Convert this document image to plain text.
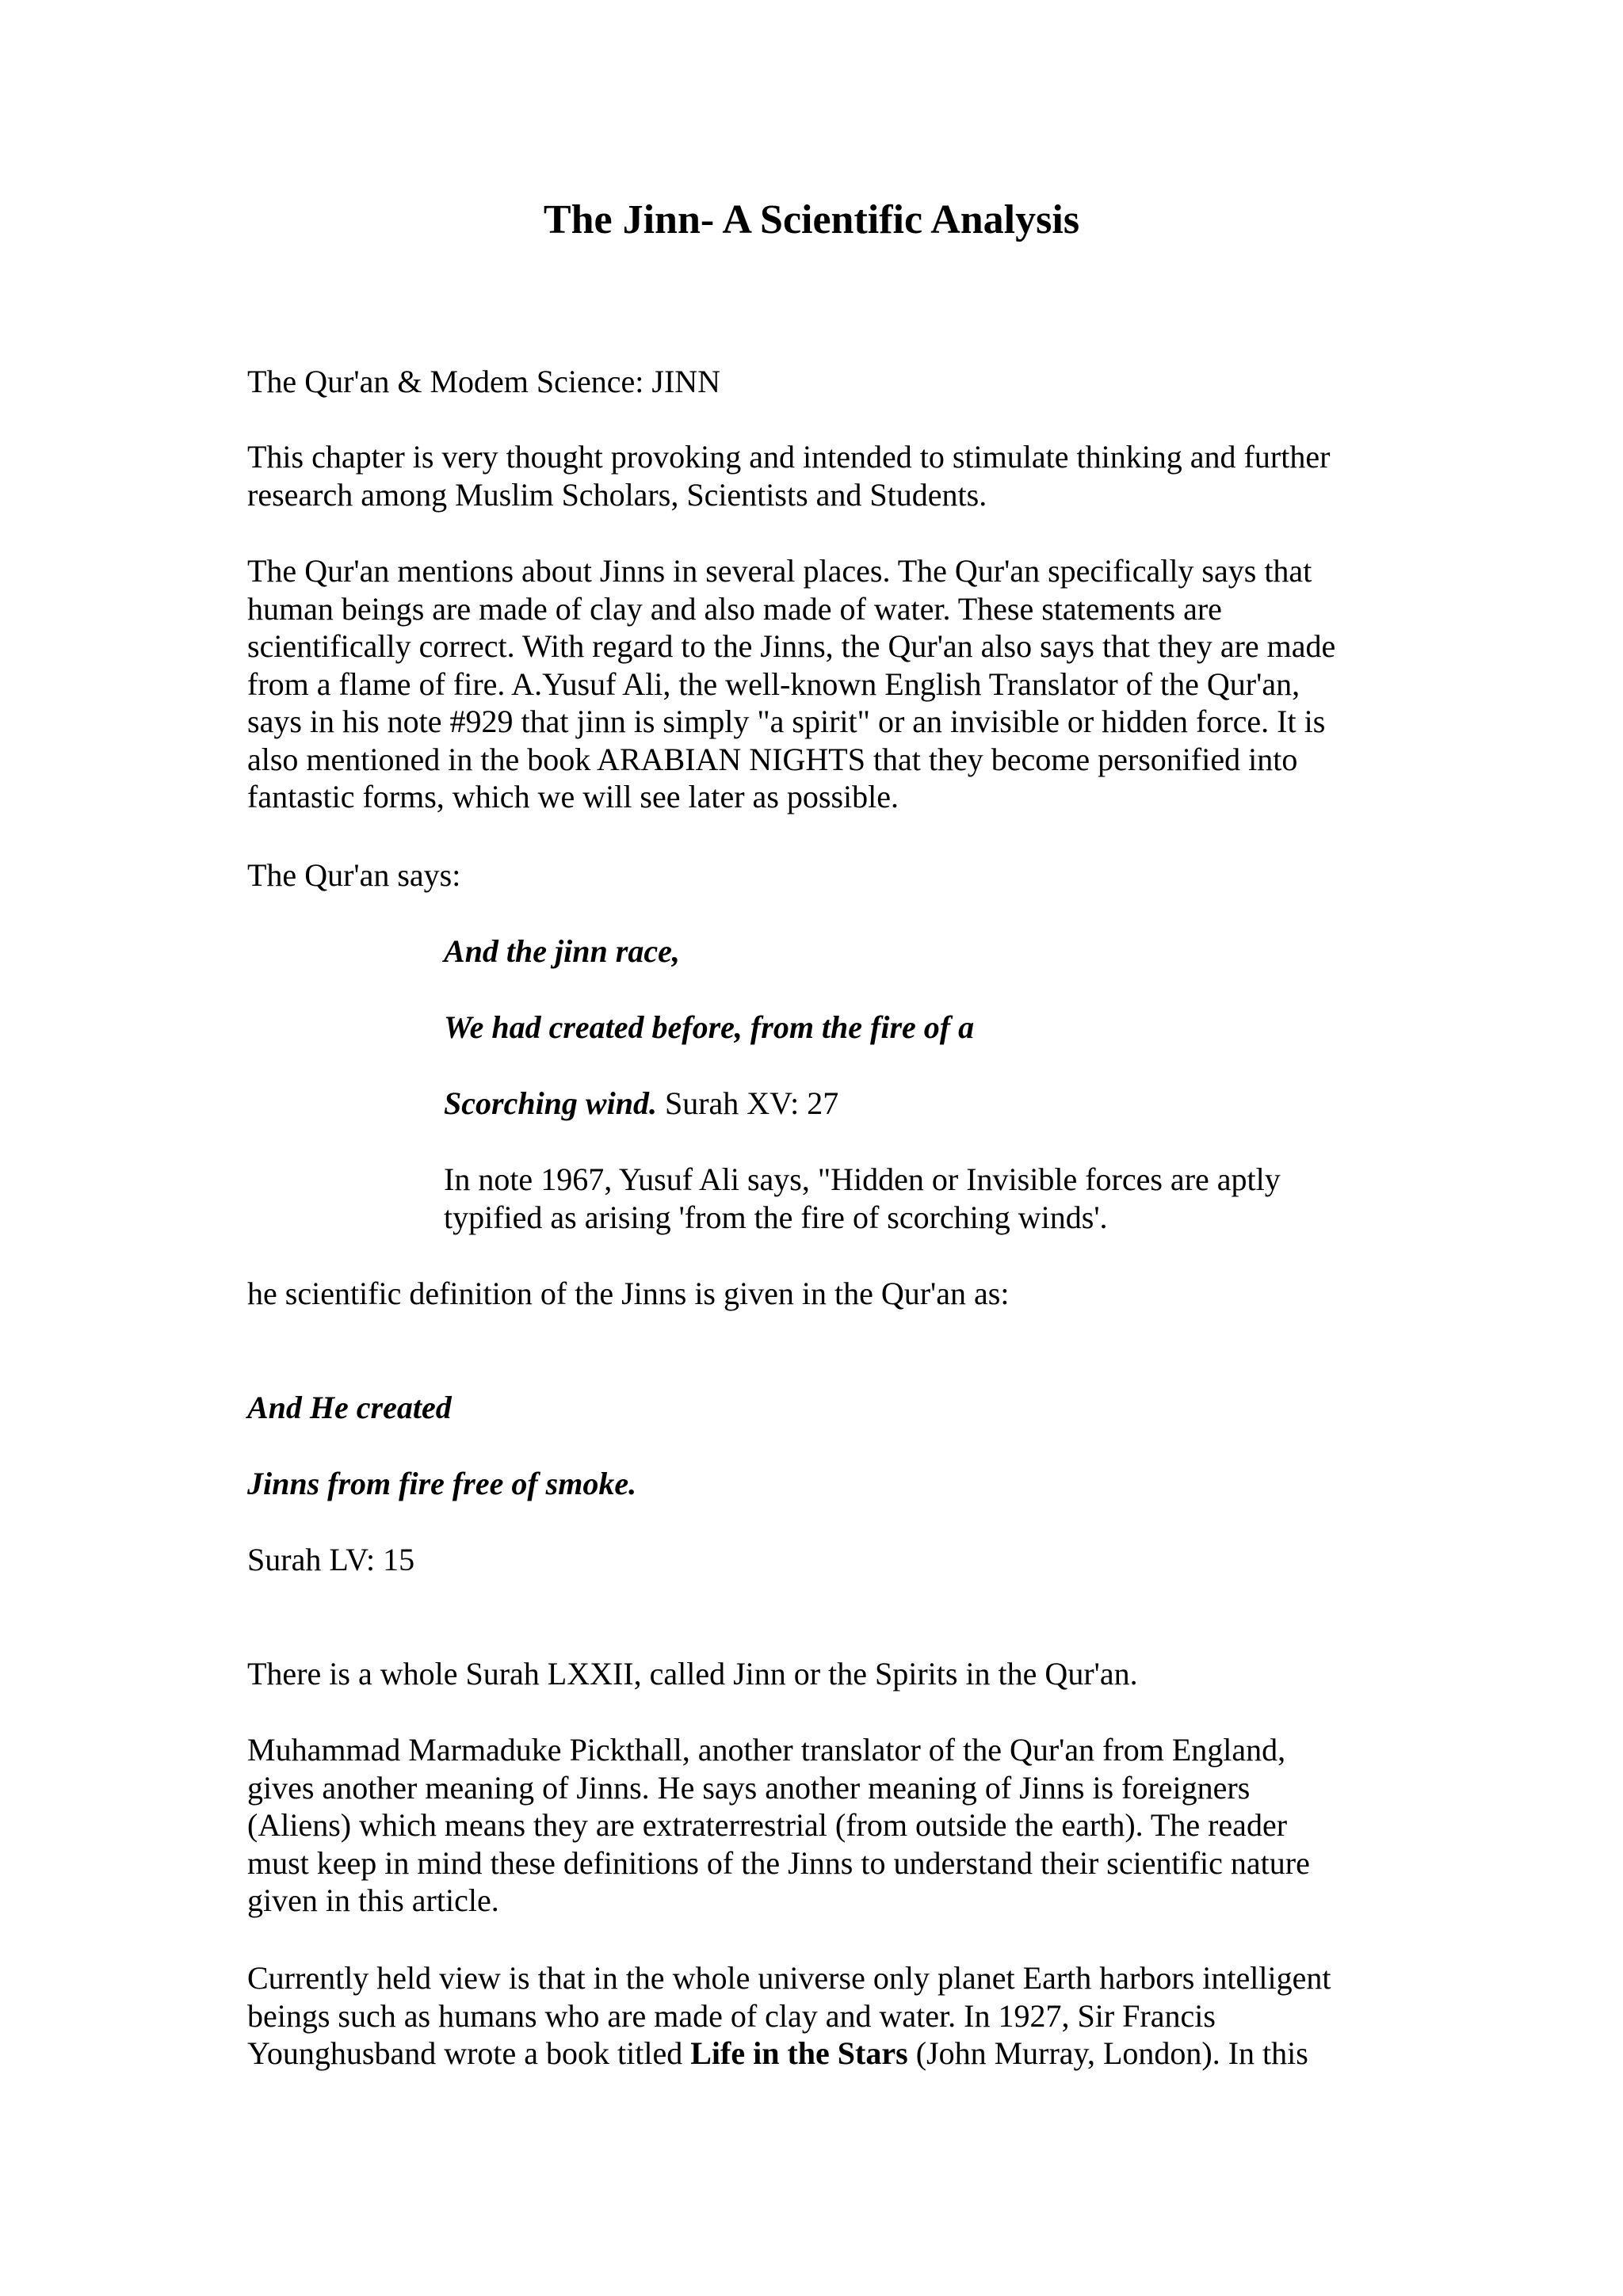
The Jinn- A Scientific Analysis

The Qur'an & Modem Science: JINN

This chapter is very thought provoking and intended to stimulate thinking and further
research among Muslim Scholars, Scientists and Students.

The Qur'an mentions about Jinns in several places. The Qur'an specifically says that
human beings are made of clay and also made of water. These statements are
scientifically correct. With regard to the Jinns, the Qur'an also says that they are made
from a flame of fire. A.Yusuf Ali, the well-known English Translator of the Qur'an,
says in his note #929 that jinn is simply "a spirit" or an invisible or hidden force. It is
also mentioned in the book ARABIAN NIGHTS that they become personified into
fantastic forms, which we will see later as possible.

The Qur'an says:

And the jinn race,

We had created before, from the fire of a

Scorching wind. Surah XV: 27

In note 1967, Yusuf Ali says, "Hidden or Invisible forces are aptly
typified as arising 'from the fire of scorching winds'.

he scientific definition of the Jinns is given in the Qur'an as:

And He created

Jinns from fire free of smoke.

Surah LV: 15

There is a whole Surah LXXII, called Jinn or the Spirits in the Qur'an.

Muhammad Marmaduke Pickthall, another translator of the Qur'an from England,
gives another meaning of Jinns. He says another meaning of Jinns is foreigners
(Aliens) which means they are extraterrestrial (from outside the earth). The reader
must keep in mind these definitions of the Jinns to understand their scientific nature
given in this article.

Currently held view is that in the whole universe only planet Earth harbors intelligent
beings such as humans who are made of clay and water. In 1927, Sir Francis
Younghusband wrote a book titled Life in the Stars (John Murray, London). In this
